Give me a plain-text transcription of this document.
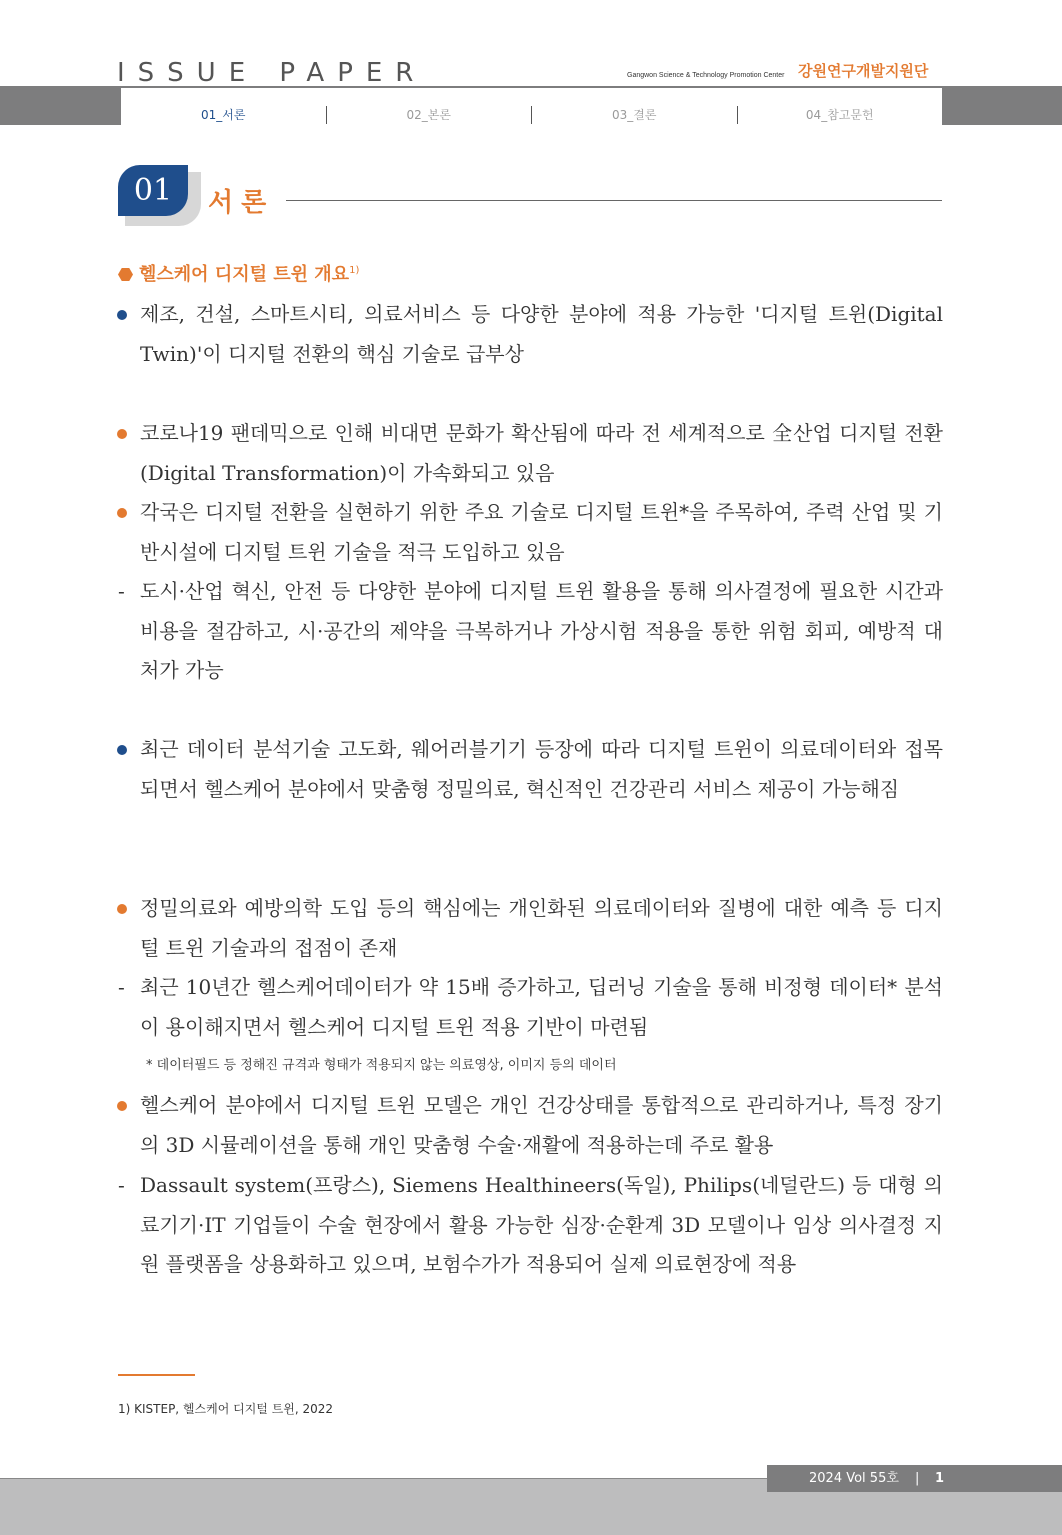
ISSUE PAPER	Gangwon Science & Technology Promotion Center 강원연구개발지원단
01_서론	02_본론	03_결론	04_참고문헌
01	서론
헬스케어 디지털 트윈 개요$^{1)}$
제조, 건설, 스마트시티, 의료서비스 등 다양한 분야에 적용 가능한 '디지털 트윈(Digital Twin)'이 디지털 전환의 핵심 기술로 급부상
코로나19 팬데믹으로 인해 비대면 문화가 확산됨에 따라 전 세계적으로 全산업 디지털 전환(Digital Transformation)이 가속화되고 있음
각국은 디지털 전환을 실현하기 위한 주요 기술로 디지털 트윈*을 주목하여, 주력 산업 및 기반시설에 디지털 트윈 기술을 적극 도입하고 있음
- 도시·산업 혁신, 안전 등 다양한 분야에 디지털 트윈 활용을 통해 의사결정에 필요한 시간과 비용을 절감하고, 시·공간의 제약을 극복하거나 가상시험 적용을 통한 위험 회피, 예방적 대처가 가능
최근 데이터 분석기술 고도화, 웨어러블기기 등장에 따라 디지털 트윈이 의료데이터와 접목되면서 헬스케어 분야에서 맞춤형 정밀의료, 혁신적인 건강관리 서비스 제공이 가능해짐
정밀의료와 예방의학 도입 등의 핵심에는 개인화된 의료데이터와 질병에 대한 예측 등 디지털 트윈 기술과의 접점이 존재
- 최근 10년간 헬스케어데이터가 약 15배 증가하고, 딥러닝 기술을 통해 비정형 데이터* 분석이 용이해지면서 헬스케어 디지털 트윈 적용 기반이 마련됨
* 데이터필드 등 정해진 규격과 형태가 적용되지 않는 의료영상, 이미지 등의 데이터
헬스케어 분야에서 디지털 트윈 모델은 개인 건강상태를 통합적으로 관리하거나, 특정 장기의 3D 시뮬레이션을 통해 개인 맞춤형 수술·재활에 적용하는데 주로 활용
- Dassault system(프랑스), Siemens Healthineers(독일), Philips(네덜란드) 등 대형 의료기기·IT 기업들이 수술 현장에서 활용 가능한 심장·순환계 3D 모델이나 임상 의사결정 지원 플랫폼을 상용화하고 있으며, 보험수가가 적용되어 실제 의료현장에 적용
1) KISTEP, 헬스케어 디지털 트윈, 2022
2024 Vol 55호 | 1
